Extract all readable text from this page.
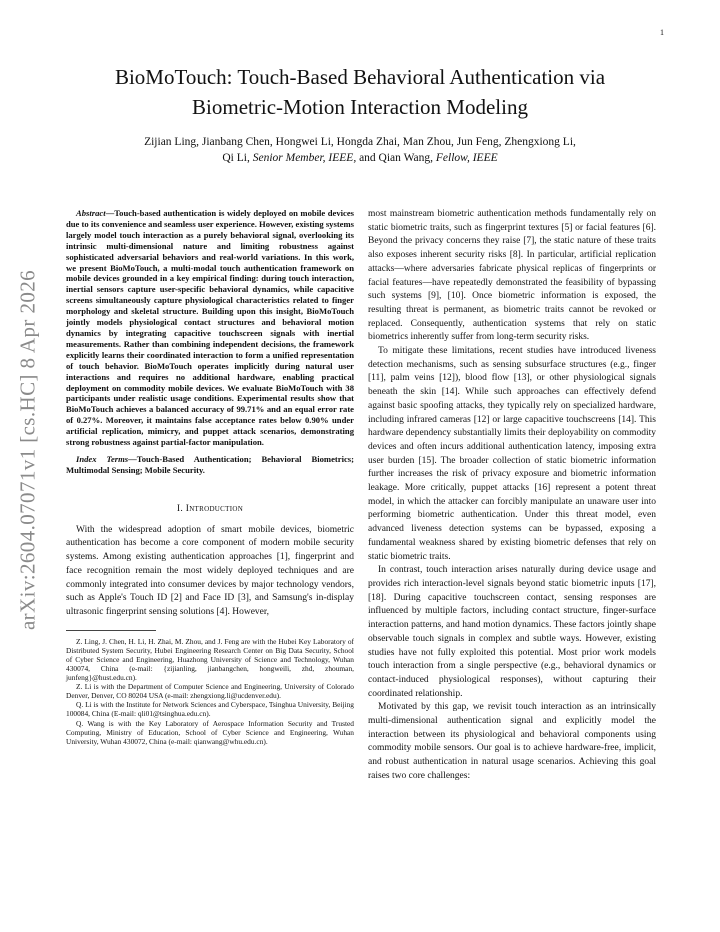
1
arXiv:2604.07071v1 [cs.HC] 8 Apr 2026
BioMoTouch: Touch-Based Behavioral Authentication via
Biometric-Motion Interaction Modeling
Zijian Ling, Jianbang Chen, Hongwei Li, Hongda Zhai, Man Zhou, Jun Feng, Zhengxiong Li,
Qi Li, Senior Member, IEEE, and Qian Wang, Fellow, IEEE

Abstract—Touch-based authentication is widely deployed on mobile devices due to its convenience and seamless user experience. However, existing systems largely model touch interaction as a purely behavioral signal, overlooking its intrinsic multi-dimensional nature and limiting robustness against sophisticated adversarial behaviors and real-world variations. In this work, we present BioMoTouch, a multi-modal touch authentication framework on mobile devices grounded in a key empirical finding: during touch interaction, inertial sensors capture user-specific behavioral dynamics, while capacitive screens simultaneously capture physiological characteristics related to finger morphology and skeletal structure. Building upon this insight, BioMoTouch jointly models physiological contact structures and behavioral motion dynamics by integrating capacitive touchscreen signals with inertial measurements. Rather than combining independent decisions, the framework explicitly learns their coordinated interaction to form a unified representation of touch behavior. BioMoTouch operates implicitly during natural user interactions and requires no additional hardware, enabling practical deployment on commodity mobile devices. We evaluate BioMoTouch with 38 participants under realistic usage conditions. Experimental results show that BioMoTouch achieves a balanced accuracy of 99.71% and an equal error rate of 0.27%. Moreover, it maintains false acceptance rates below 0.90% under artificial replication, mimicry, and puppet attack scenarios, demonstrating strong robustness against partial-factor manipulation.

Index Terms—Touch-Based Authentication; Behavioral Biometrics; Multimodal Sensing; Mobile Security.

I. Introduction

With the widespread adoption of smart mobile devices, biometric authentication has become a core component of modern mobile security systems. Among existing authentication approaches [1], fingerprint and face recognition remain the most widely deployed techniques and are commonly integrated into consumer devices by major technology vendors, such as Apple's Touch ID [2] and Face ID [3], and Samsung's in-display ultrasonic fingerprint sensing solutions [4]. However,

Z. Ling, J. Chen, H. Li, H. Zhai, M. Zhou, and J. Feng are with the Hubei Key Laboratory of Distributed System Security, Hubei Engineering Research Center on Big Data Security, School of Cyber Science and Engineering, Huazhong University of Science and Technology, Wuhan 430074, China (e-mail: {zijianling, jianbangchen, hongweili, zhd, zhouman, junfeng}@hust.edu.cn).

Z. Li is with the Department of Computer Science and Engineering, University of Colorado Denver, Denver, CO 80204 USA (e-mail: zhengxiong.li@ucdenver.edu).

Q. Li is with the Institute for Network Sciences and Cyberspace, Tsinghua University, Beijing 100084, China (E-mail: qli01@tsinghua.edu.cn).

Q. Wang is with the Key Laboratory of Aerospace Information Security and Trusted Computing, Ministry of Education, School of Cyber Science and Engineering, Wuhan University, Wuhan 430072, China (e-mail: qianwang@whu.edu.cn).

most mainstream biometric authentication methods fundamentally rely on static biometric traits, such as fingerprint textures [5] or facial features [6]. Beyond the privacy concerns they raise [7], the static nature of these traits also exposes inherent security risks [8]. In particular, artificial replication attacks—where adversaries fabricate physical replicas of fingerprints or facial features—have repeatedly demonstrated the feasibility of bypassing such systems [9], [10]. Once biometric information is exposed, the resulting threat is permanent, as biometric traits cannot be revoked or replaced. Consequently, authentication systems that rely on static biometrics inherently suffer from long-term security risks.

To mitigate these limitations, recent studies have introduced liveness detection mechanisms, such as sensing subsurface structures (e.g., finger [11], palm veins [12]), blood flow [13], or other physiological signals beneath the skin [14]. While such approaches can effectively defend against basic spoofing attacks, they typically rely on specialized hardware, including infrared cameras [12] or large capacitive touchscreens [14]. This hardware dependency substantially limits their deployability on commodity devices and often incurs additional authentication latency, imposing extra user burden [15]. The broader collection of static biometric information further increases the risk of privacy exposure and biometric information leakage. More critically, puppet attacks [16] represent a potent threat model, in which the attacker can forcibly manipulate an unaware user into performing biometric authentication. Under this threat model, even advanced liveness detection systems can be bypassed, exposing a fundamental weakness shared by existing biometric defenses that rely on static biometric traits.

In contrast, touch interaction arises naturally during device usage and provides rich interaction-level signals beyond static biometric inputs [17], [18]. During capacitive touchscreen contact, sensing responses are influenced by multiple factors, including contact structure, finger-surface interaction patterns, and hand motion dynamics. These factors jointly shape observable touch signals in complex and subtle ways. However, existing studies have not fully exploited this potential. Most prior work models touch interaction from a single perspective (e.g., behavioral dynamics or contact-induced physiological responses), without capturing their coordinated relationship.

Motivated by this gap, we revisit touch interaction as an intrinsically multi-dimensional authentication signal and explicitly model the interaction between its physiological and behavioral components using commodity mobile sensors. Our goal is to achieve hardware-free, implicit, and robust authentication in natural usage scenarios. Achieving this goal raises two core challenges:
